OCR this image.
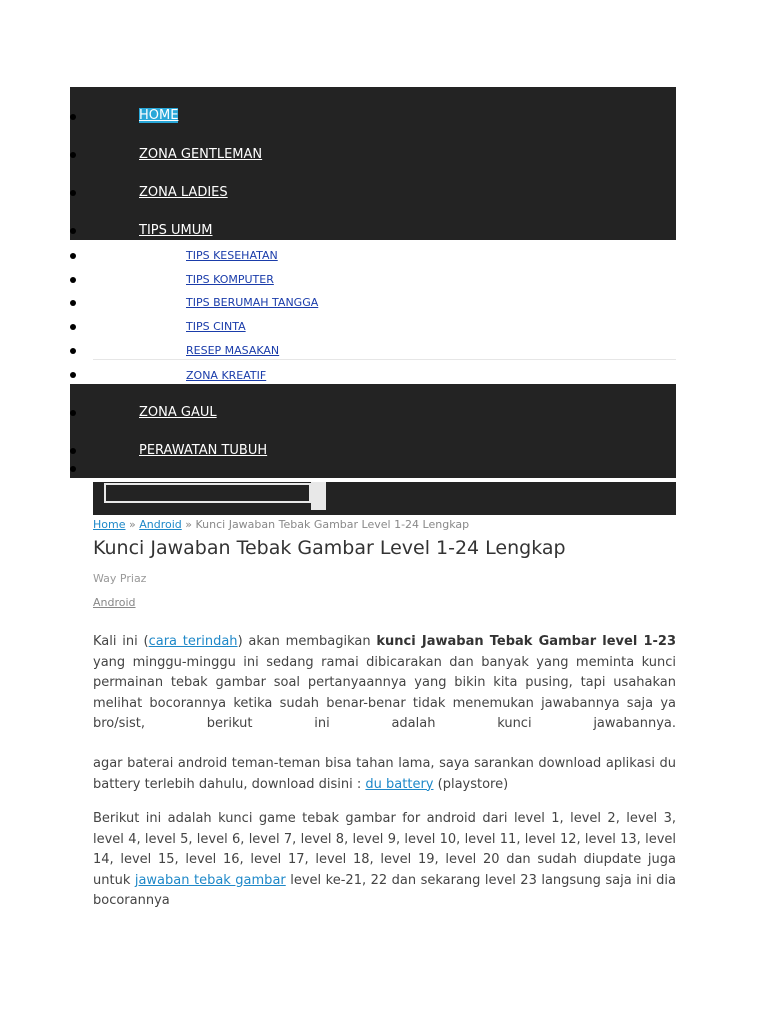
HOME
ZONA GENTLEMAN
ZONA LADIES
TIPS UMUM
TIPS KESEHATAN
TIPS KOMPUTER
TIPS BERUMAH TANGGA
TIPS CINTA
RESEP MASAKAN
ZONA KREATIF
ZONA GAUL
PERAWATAN TUBUH
Home » Android » Kunci Jawaban Tebak Gambar Level 1-24 Lengkap
Kunci Jawaban Tebak Gambar Level 1-24 Lengkap
Way Priaz
Android
Kali ini (cara terindah) akan membagikan kunci Jawaban Tebak Gambar level 1-23 yang minggu-minggu ini sedang ramai dibicarakan dan banyak yang meminta kunci permainan tebak gambar soal pertanyaannya yang bikin kita pusing, tapi usahakan melihat bocorannya ketika sudah benar-benar tidak menemukan jawabannya saja ya bro/sist, berikut ini adalah kunci jawabannya.
agar baterai android teman-teman bisa tahan lama, saya sarankan download aplikasi du battery terlebih dahulu, download disini : du battery (playstore)
Berikut ini adalah kunci game tebak gambar for android dari level 1, level 2, level 3, level 4, level 5, level 6, level 7, level 8, level 9, level 10, level 11, level 12, level 13, level 14, level 15, level 16, level 17, level 18, level 19, level 20 dan sudah diupdate juga untuk jawaban tebak gambar level ke-21, 22 dan sekarang level 23 langsung saja ini dia bocorannya
